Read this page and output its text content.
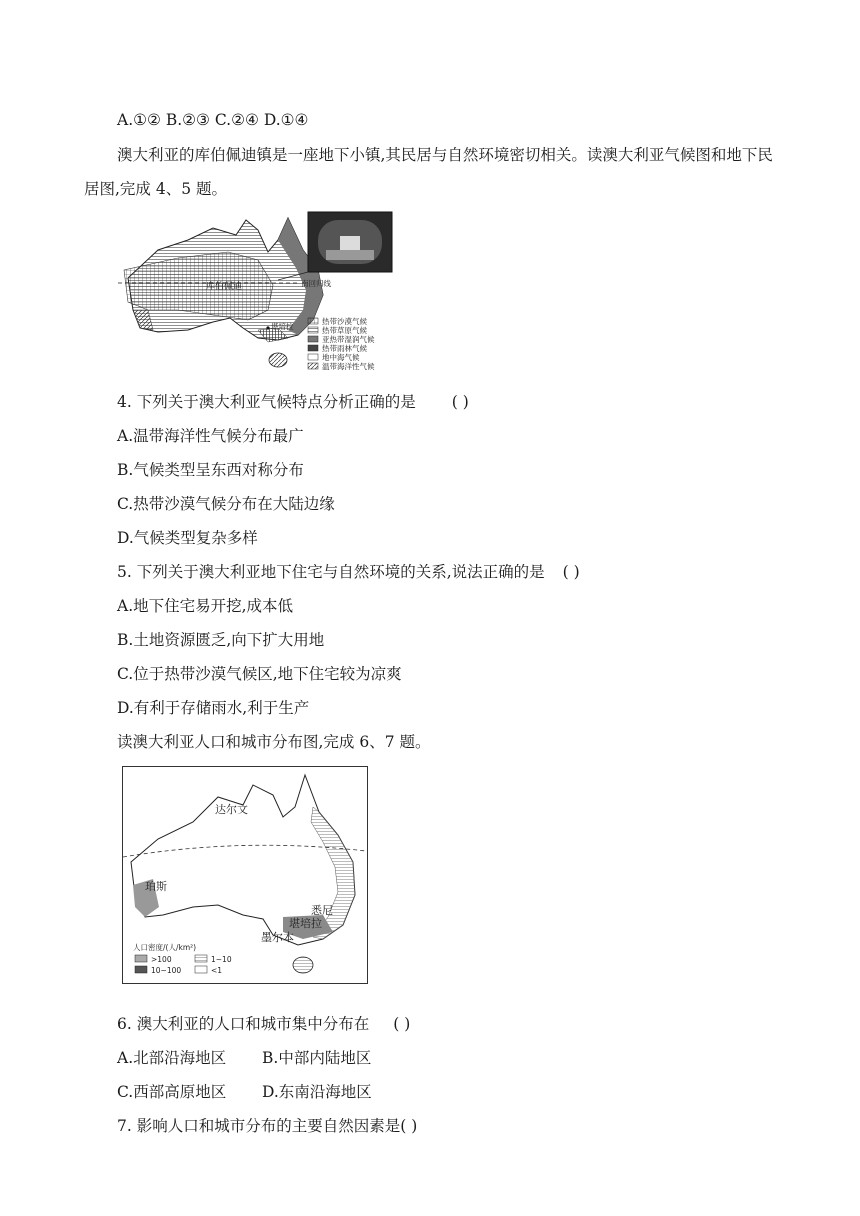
A.①② B.②③ C.②④ D.①④
澳大利亚的库伯佩迪镇是一座地下小镇,其民居与自然环境密切相关。读澳大利亚气候图和地下民居图,完成 4、5 题。
库伯佩迪	南回归线
堪培拉
热带沙漠气候
热带草原气候
亚热带湿润气候
热带雨林气候
地中海气候
温带海洋性气候
4. 下列关于澳大利亚气候特点分析正确的是 ( )
A.温带海洋性气候分布最广
B.气候类型呈东西对称分布
C.热带沙漠气候分布在大陆边缘
D.气候类型复杂多样
5. 下列关于澳大利亚地下住宅与自然环境的关系,说法正确的是 ( )
A.地下住宅易开挖,成本低
B.土地资源匮乏,向下扩大用地
C.位于热带沙漠气候区,地下住宅较为凉爽
D.有利于存储雨水,利于生产
读澳大利亚人口和城市分布图,完成 6、7 题。
达尔文
珀斯
悉尼
堪培拉
墨尔本
人口密度/(人/km²)
>100	1~10
10~100	<1
6. 澳大利亚的人口和城市集中分布在 ( )
A.北部沿海地区 B.中部内陆地区
C.西部高原地区 D.东南沿海地区
7. 影响人口和城市分布的主要自然因素是( )
